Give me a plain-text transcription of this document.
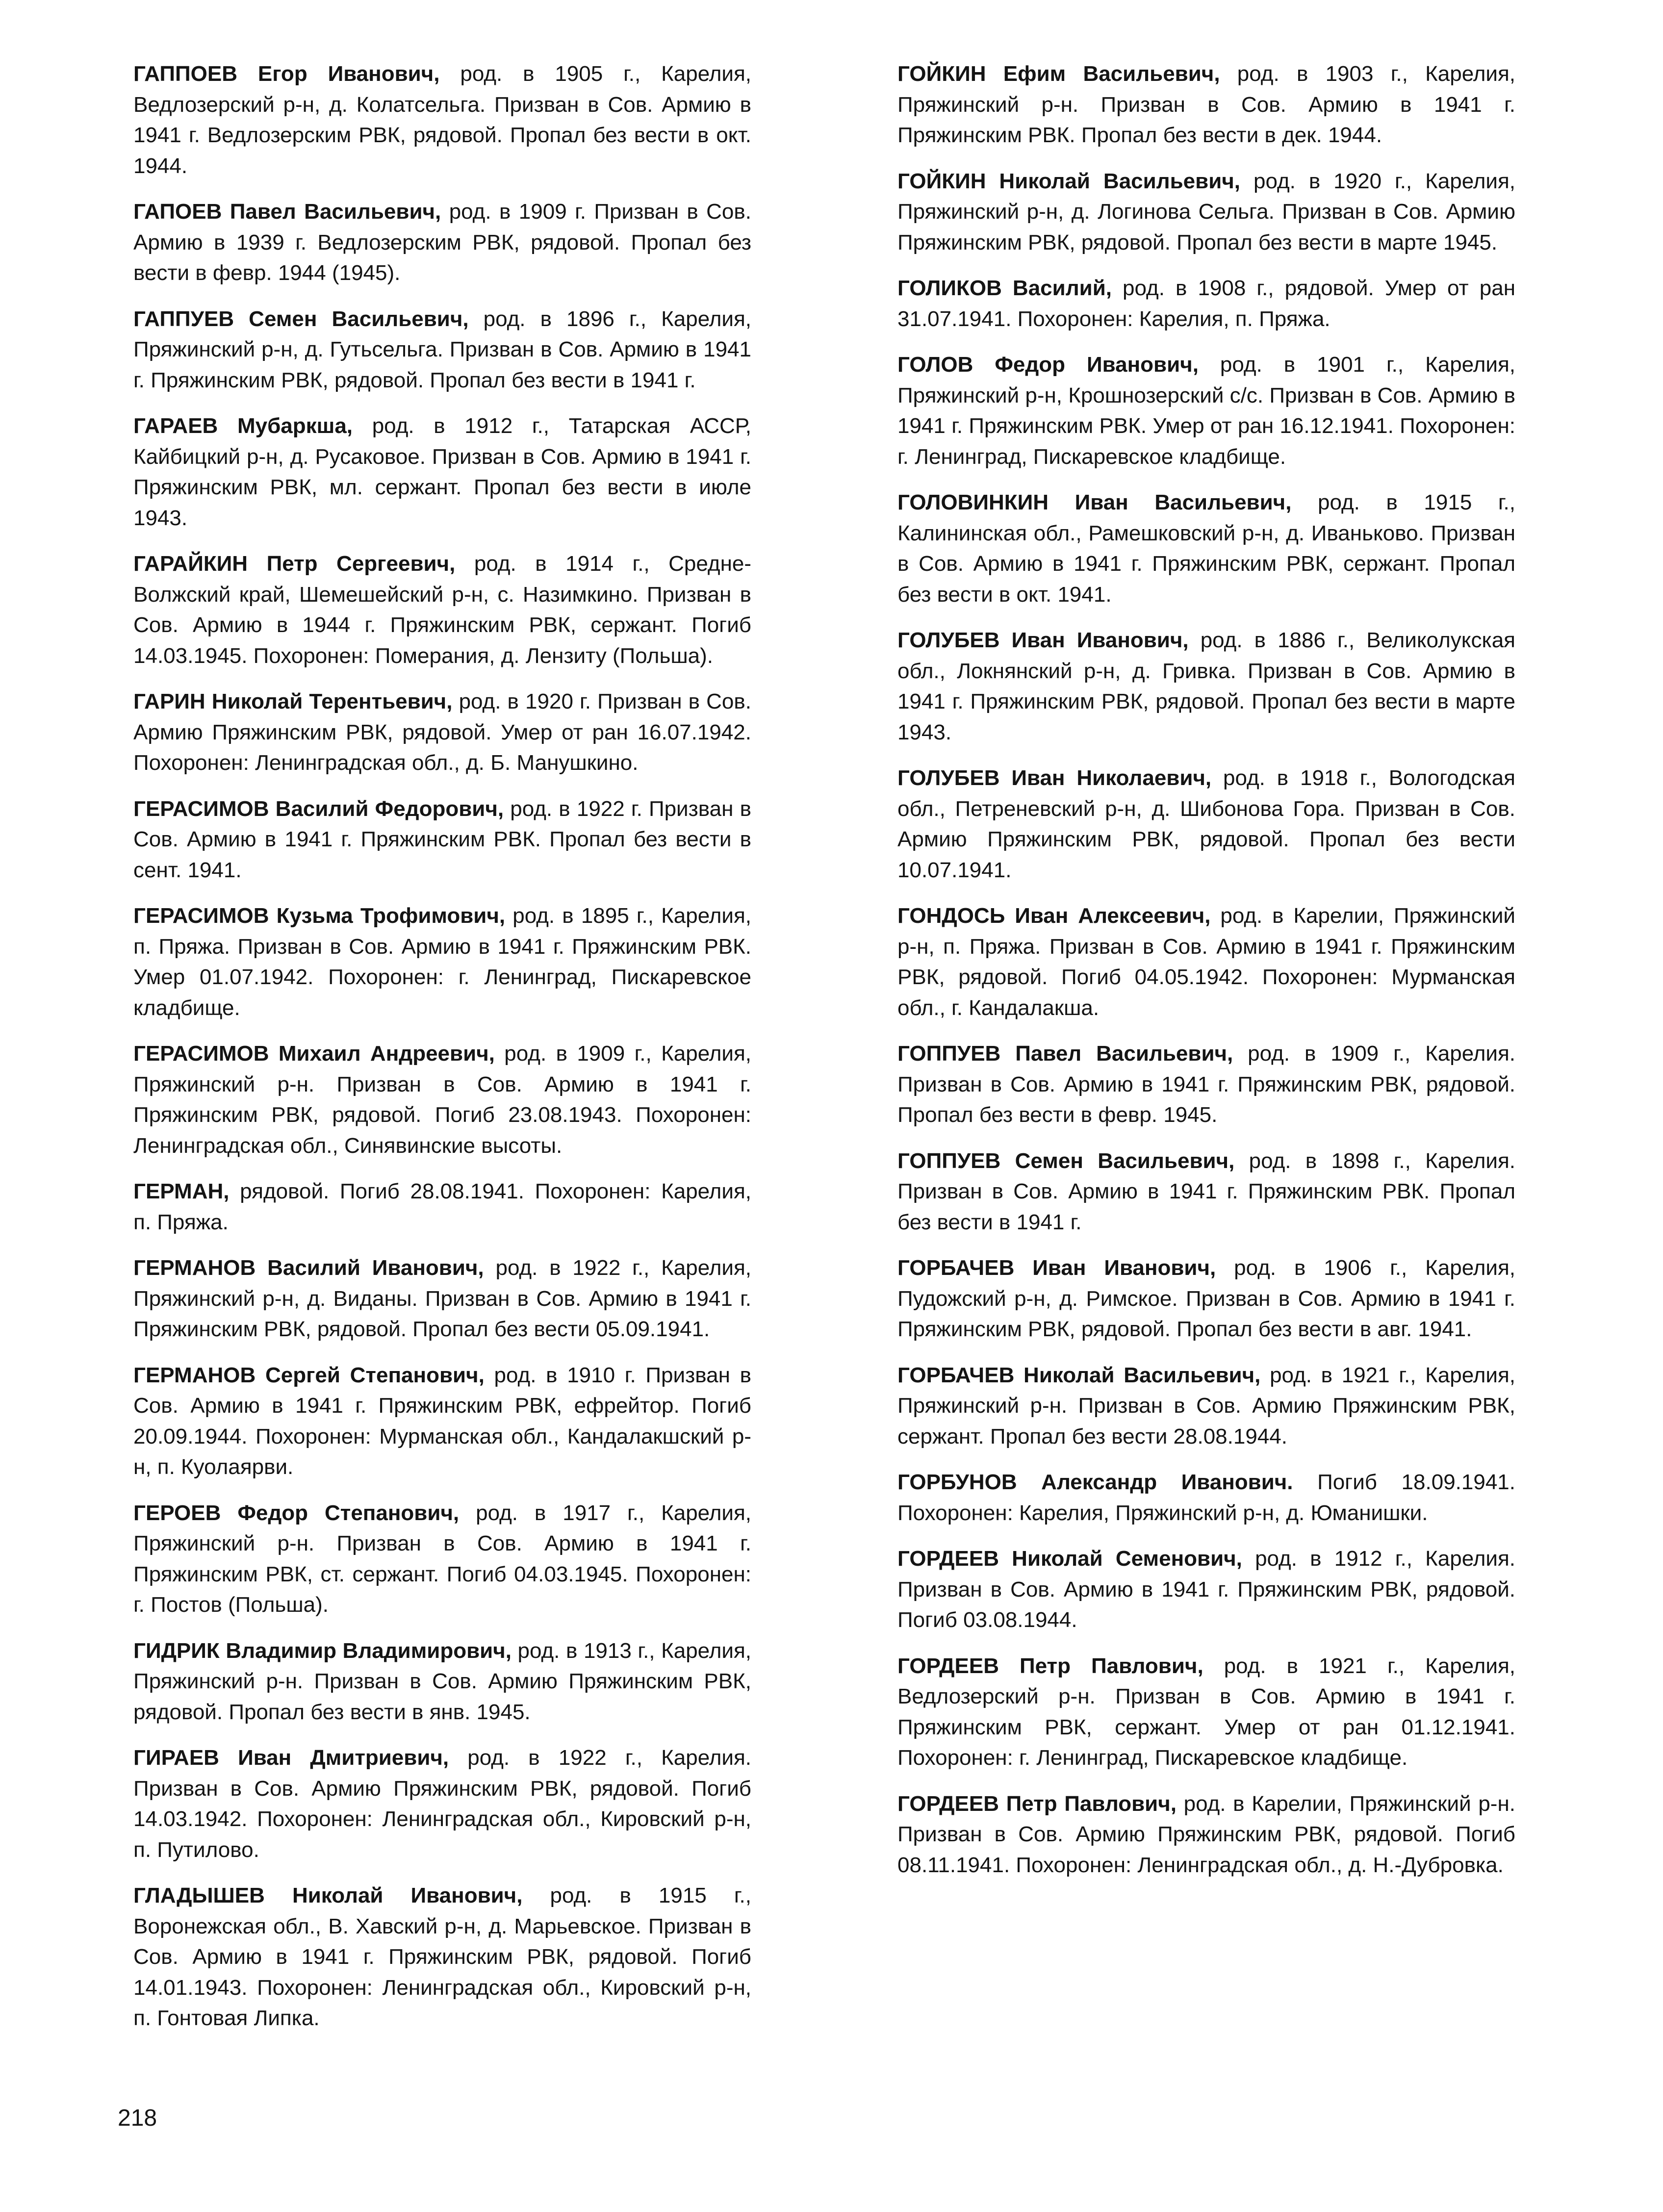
ГАППОЕВ Егор Иванович, род. в 1905 г., Карелия, Ведлозерский р-н, д. Колатсельга. Призван в Сов. Армию в 1941 г. Ведлозерским РВК, рядовой. Пропал без вести в окт. 1944.

ГАПОЕВ Павел Васильевич, род. в 1909 г. Призван в Сов. Армию в 1939 г. Ведлозерским РВК, рядовой. Пропал без вести в февр. 1944 (1945).

ГАППУЕВ Семен Васильевич, род. в 1896 г., Карелия, Пряжинский р-н, д. Гутьсельга. Призван в Сов. Армию в 1941 г. Пряжинским РВК, рядовой. Пропал без вести в 1941 г.

ГАРАЕВ Мубаркша, род. в 1912 г., Татарская АССР, Кайбицкий р-н, д. Русаковое. Призван в Сов. Армию в 1941 г. Пряжинским РВК, мл. сержант. Пропал без вести в июле 1943.

ГАРАЙКИН Петр Сергеевич, род. в 1914 г., Средне-Волжский край, Шемешейский р-н, с. Назимкино. Призван в Сов. Армию в 1944 г. Пряжинским РВК, сержант. Погиб 14.03.1945. Похоронен: Померания, д. Лензиту (Польша).

ГАРИН Николай Терентьевич, род. в 1920 г. Призван в Сов. Армию Пряжинским РВК, рядовой. Умер от ран 16.07.1942. Похоронен: Ленинградская обл., д. Б. Манушкино.

ГЕРАСИМОВ Василий Федорович, род. в 1922 г. Призван в Сов. Армию в 1941 г. Пряжинским РВК. Пропал без вести в сент. 1941.

ГЕРАСИМОВ Кузьма Трофимович, род. в 1895 г., Карелия, п. Пряжа. Призван в Сов. Армию в 1941 г. Пряжинским РВК. Умер 01.07.1942. Похоронен: г. Ленинград, Пискаревское кладбище.

ГЕРАСИМОВ Михаил Андреевич, род. в 1909 г., Карелия, Пряжинский р-н. Призван в Сов. Армию в 1941 г. Пряжинским РВК, рядовой. Погиб 23.08.1943. Похоронен: Ленинградская обл., Синявинские высоты.

ГЕРМАН, рядовой. Погиб 28.08.1941. Похоронен: Карелия, п. Пряжа.

ГЕРМАНОВ Василий Иванович, род. в 1922 г., Карелия, Пряжинский р-н, д. Виданы. Призван в Сов. Армию в 1941 г. Пряжинским РВК, рядовой. Пропал без вести 05.09.1941.

ГЕРМАНОВ Сергей Степанович, род. в 1910 г. Призван в Сов. Армию в 1941 г. Пряжинским РВК, ефрейтор. Погиб 20.09.1944. Похоронен: Мурманская обл., Кандалакшский р-н, п. Куолаярви.

ГЕРОЕВ Федор Степанович, род. в 1917 г., Карелия, Пряжинский р-н. Призван в Сов. Армию в 1941 г. Пряжинским РВК, ст. сержант. Погиб 04.03.1945. Похоронен: г. Постов (Польша).

ГИДРИК Владимир Владимирович, род. в 1913 г., Карелия, Пряжинский р-н. Призван в Сов. Армию Пряжинским РВК, рядовой. Пропал без вести в янв. 1945.

ГИРАЕВ Иван Дмитриевич, род. в 1922 г., Карелия. Призван в Сов. Армию Пряжинским РВК, рядовой. Погиб 14.03.1942. Похоронен: Ленинградская обл., Кировский р-н, п. Путилово.

ГЛАДЫШЕВ Николай Иванович, род. в 1915 г., Воронежская обл., В. Хавский р-н, д. Марьевское. Призван в Сов. Армию в 1941 г. Пряжинским РВК, рядовой. Погиб 14.01.1943. Похоронен: Ленинградская обл., Кировский р-н, п. Гонтовая Липка.

ГОЙКИН Ефим Васильевич, род. в 1903 г., Карелия, Пряжинский р-н. Призван в Сов. Армию в 1941 г. Пряжинским РВК. Пропал без вести в дек. 1944.

ГОЙКИН Николай Васильевич, род. в 1920 г., Карелия, Пряжинский р-н, д. Логинова Сельга. Призван в Сов. Армию Пряжинским РВК, рядовой. Пропал без вести в марте 1945.

ГОЛИКОВ Василий, род. в 1908 г., рядовой. Умер от ран 31.07.1941. Похоронен: Карелия, п. Пряжа.

ГОЛОВ Федор Иванович, род. в 1901 г., Карелия, Пряжинский р-н, Крошнозерский с/с. Призван в Сов. Армию в 1941 г. Пряжинским РВК. Умер от ран 16.12.1941. Похоронен: г. Ленинград, Пискаревское кладбище.

ГОЛОВИНКИН Иван Васильевич, род. в 1915 г., Калининская обл., Рамешковский р-н, д. Иваньково. Призван в Сов. Армию в 1941 г. Пряжинским РВК, сержант. Пропал без вести в окт. 1941.

ГОЛУБЕВ Иван Иванович, род. в 1886 г., Великолукская обл., Локнянский р-н, д. Гривка. Призван в Сов. Армию в 1941 г. Пряжинским РВК, рядовой. Пропал без вести в марте 1943.

ГОЛУБЕВ Иван Николаевич, род. в 1918 г., Вологодская обл., Петреневский р-н, д. Шибонова Гора. Призван в Сов. Армию Пряжинским РВК, рядовой. Пропал без вести 10.07.1941.

ГОНДОСЬ Иван Алексеевич, род. в Карелии, Пряжинский р-н, п. Пряжа. Призван в Сов. Армию в 1941 г. Пряжинским РВК, рядовой. Погиб 04.05.1942. Похоронен: Мурманская обл., г. Кандалакша.

ГОППУЕВ Павел Васильевич, род. в 1909 г., Карелия. Призван в Сов. Армию в 1941 г. Пряжинским РВК, рядовой. Пропал без вести в февр. 1945.

ГОППУЕВ Семен Васильевич, род. в 1898 г., Карелия. Призван в Сов. Армию в 1941 г. Пряжинским РВК. Пропал без вести в 1941 г.

ГОРБАЧЕВ Иван Иванович, род. в 1906 г., Карелия, Пудожский р-н, д. Римское. Призван в Сов. Армию в 1941 г. Пряжинским РВК, рядовой. Пропал без вести в авг. 1941.

ГОРБАЧЕВ Николай Васильевич, род. в 1921 г., Карелия, Пряжинский р-н. Призван в Сов. Армию Пряжинским РВК, сержант. Пропал без вести 28.08.1944.

ГОРБУНОВ Александр Иванович. Погиб 18.09.1941. Похоронен: Карелия, Пряжинский р-н, д. Юманишки.

ГОРДЕЕВ Николай Семенович, род. в 1912 г., Карелия. Призван в Сов. Армию в 1941 г. Пряжинским РВК, рядовой. Погиб 03.08.1944.

ГОРДЕЕВ Петр Павлович, род. в 1921 г., Карелия, Ведлозерский р-н. Призван в Сов. Армию в 1941 г. Пряжинским РВК, сержант. Умер от ран 01.12.1941. Похоронен: г. Ленинград, Пискаревское кладбище.

ГОРДЕЕВ Петр Павлович, род. в Карелии, Пряжинский р-н. Призван в Сов. Армию Пряжинским РВК, рядовой. Погиб 08.11.1941. Похоронен: Ленинградская обл., д. Н.-Дубровка.

218
